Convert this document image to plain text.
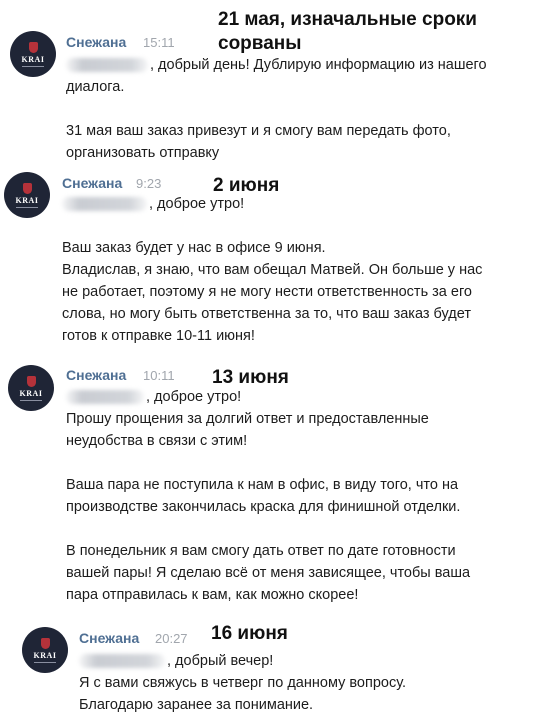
KRAI
Снежана 15:11
21 мая, изначальные сроки
сорваны
, добрый день! Дублирую информацию из нашего
диалога.
31 мая ваш заказ привезут и я смогу вам передать фото,
организовать отправку
KRAI
Снежана 9:23	2 июня
, доброе утро!
Ваш заказ будет у нас в офисе 9 июня.
Владислав, я знаю, что вам обещал Матвей. Он больше у нас
не работает, поэтому я не могу нести ответственность за его
слова, но могу быть ответственна за то, что ваш заказ будет
готов к отправке 10-11 июня!
KRAI
Снежана 10:11 13 июня
, доброе утро!
Прошу прощения за долгий ответ и предоставленные
неудобства в связи с этим!
Ваша пара не поступила к нам в офис, в виду того, что на
производстве закончилась краска для финишной отделки.
В понедельник я вам смогу дать ответ по дате готовности
вашей пары! Я сделаю всё от меня зависящее, чтобы ваша
пара отправилась к вам, как можно скорее!
KRAI
Снежана 20:27 16 июня
, добрый вечер!
Я с вами свяжусь в четверг по данному вопросу.
Благодарю заранее за понимание.
